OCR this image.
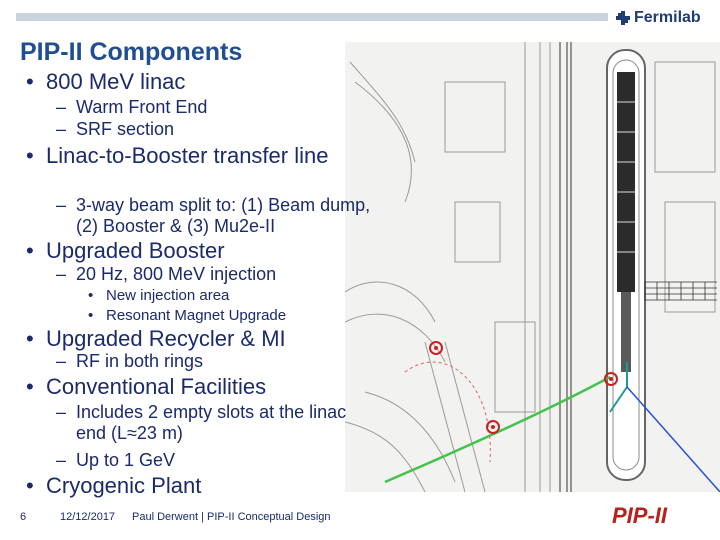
Fermilab
PIP-II Components
• 800 MeV linac
– Warm Front End
– SRF section
• Linac-to-Booster transfer line
– 3-way beam split to: (1) Beam dump, (2) Booster & (3) Mu2e-II
• Upgraded Booster
– 20 Hz, 800 MeV injection
• New injection area
• Resonant Magnet Upgrade
• Upgraded Recycler & MI
– RF in both rings
• Conventional Facilities
– Includes 2 empty slots at the linac end (L≈23 m)
– Up to 1 GeV
• Cryogenic Plant
6	12/12/2017 Paul Derwent | PIP-II Conceptual Design	PIP-II
